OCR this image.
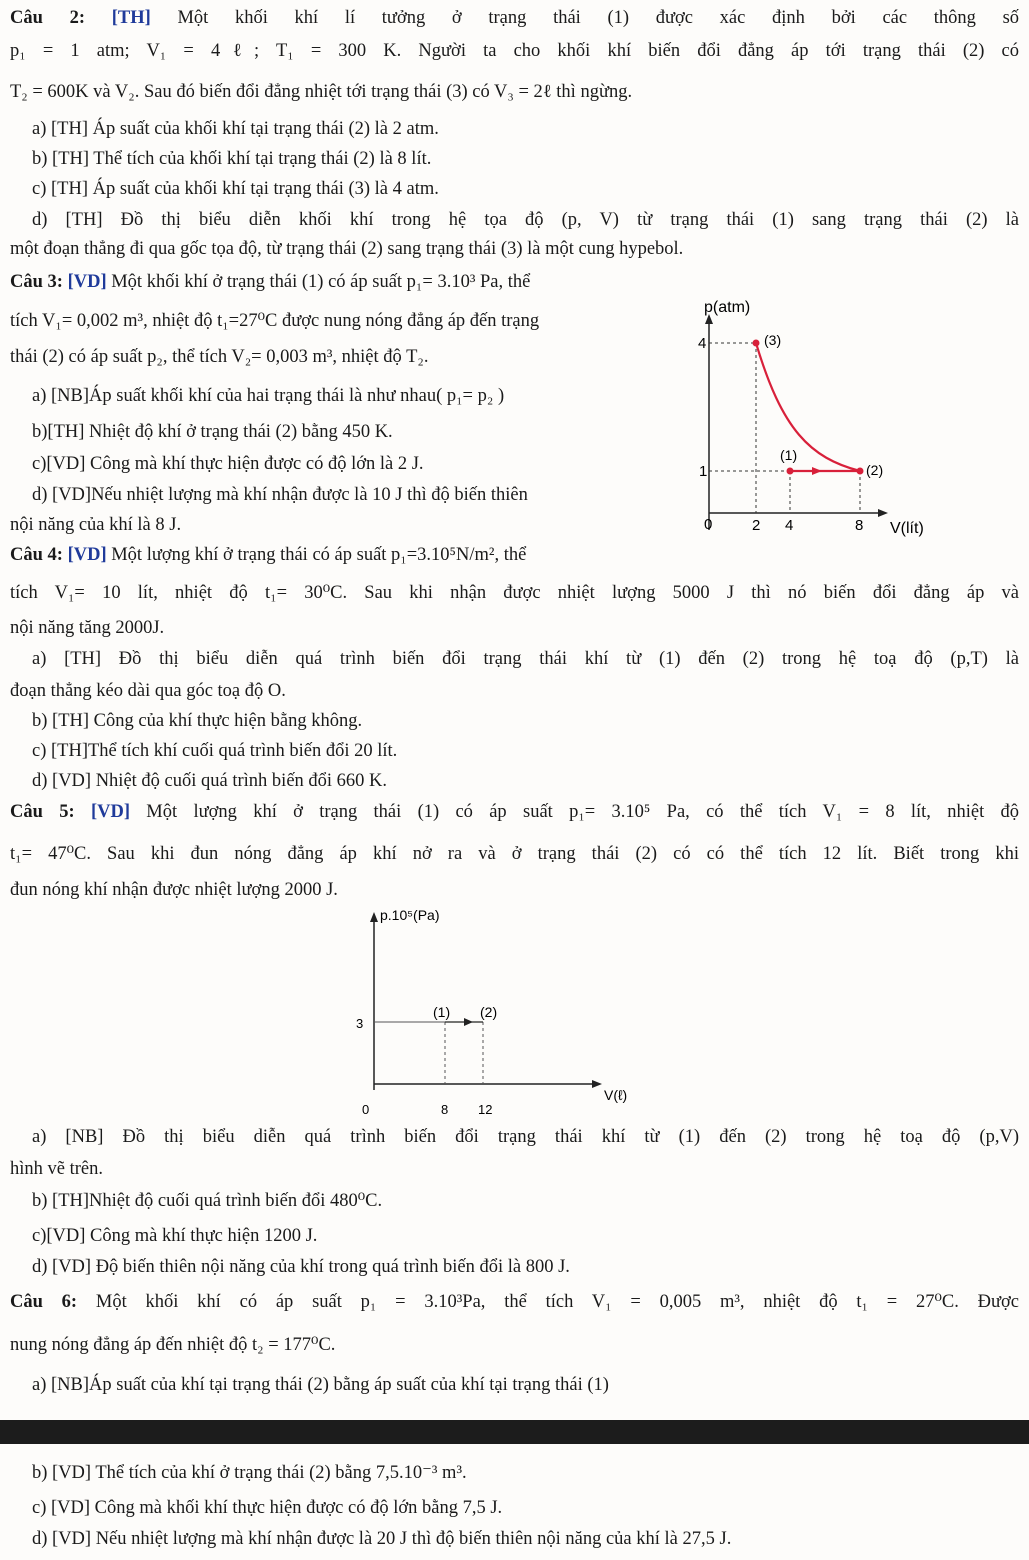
Câu 2: [TH] Một khối khí lí tưởng ở trạng thái (1) được xác định bởi các thông số
p₁ = 1 atm; V₁ = 4ℓ; T₁ = 300 K. Người ta cho khối khí biến đổi đẳng áp tới trạng thái (2) có
T₂ = 600K và V₂. Sau đó biến đổi đẳng nhiệt tới trạng thái (3) có V₃ = 2ℓ thì ngừng.
a) [TH] Áp suất của khối khí tại trạng thái (2) là 2 atm.
b) [TH] Thể tích của khối khí tại trạng thái (2) là 8 lít.
c) [TH] Áp suất của khối khí tại trạng thái (3) là 4 atm.
d) [TH] Đồ thị biểu diễn khối khí trong hệ tọa độ (p, V) từ trạng thái (1) sang trạng thái (2) là
một đoạn thẳng đi qua gốc tọa độ, từ trạng thái (2) sang trạng thái (3) là một cung hypebol.
Câu 3: [VD] Một khối khí ở trạng thái (1) có áp suất p₁= 3.10³ Pa, thể
tích V₁= 0,002 m³, nhiệt độ t₁=27⁰C được nung nóng đẳng áp đến trạng
thái (2) có áp suất p₂, thể tích V₂= 0,003 m³, nhiệt độ T₂.
a) [NB]Áp suất khối khí của hai trạng thái là như nhau( p₁= p₂ )
b)[TH] Nhiệt độ khí ở trạng thái (2) bằng 450 K.
c)[VD] Công mà khí thực hiện được có độ lớn là 2 J.
d) [VD]Nếu nhiệt lượng mà khí nhận được là 10 J thì độ biến thiên
nội năng của khí là 8 J.
p(atm)
V(lít)
0
4
1
2 4	8
(1)
(2)
(3)
Câu 4: [VD] Một lượng khí ở trạng thái có áp suất p₁=3.10⁵N/m², thể
tích V₁= 10 lít, nhiệt độ t₁= 30⁰C. Sau khi nhận được nhiệt lượng 5000 J thì nó biến đổi đẳng áp và
nội năng tăng 2000J.
a) [TH] Đồ thị biểu diễn quá trình biến đổi trạng thái khí từ (1) đến (2) trong hệ toạ độ (p,T) là
đoạn thẳng kéo dài qua góc toạ độ O.
b) [TH] Công của khí thực hiện bằng không.
c) [TH]Thể tích khí cuối quá trình biến đổi 20 lít.
d) [VD] Nhiệt độ cuối quá trình biến đổi 660 K.
Câu 5: [VD] Một lượng khí ở trạng thái (1) có áp suất p₁= 3.10⁵ Pa, có thể tích V₁ = 8 lít, nhiệt độ
t₁= 47⁰C. Sau khi đun nóng đẳng áp khí nở ra và ở trạng thái (2) có có thể tích 12 lít. Biết trong khi
đun nóng khí nhận được nhiệt lượng 2000 J.
p.10⁵(Pa)
V(ℓ)
0
3
8 12
(1) (2)
a) [NB] Đồ thị biểu diễn quá trình biến đổi trạng thái khí từ (1) đến (2) trong hệ toạ độ (p,V)
hình vẽ trên.
b) [TH]Nhiệt độ cuối quá trình biến đổi 480⁰C.
c)[VD] Công mà khí thực hiện 1200 J.
d) [VD] Độ biến thiên nội năng của khí trong quá trình biến đổi là 800 J.
Câu 6: Một khối khí có áp suất p₁ = 3.10³Pa, thể tích V₁ = 0,005 m³, nhiệt độ t₁ = 27⁰C. Được
nung nóng đẳng áp đến nhiệt độ t₂ = 177⁰C.
a) [NB]Áp suất của khí tại trạng thái (2) bằng áp suất của khí tại trạng thái (1)
b) [VD] Thể tích của khí ở trạng thái (2) bằng 7,5.10⁻³ m³.
c) [VD] Công mà khối khí thực hiện được có độ lớn bằng 7,5 J.
d) [VD] Nếu nhiệt lượng mà khí nhận được là 20 J thì độ biến thiên nội năng của khí là 27,5 J.
